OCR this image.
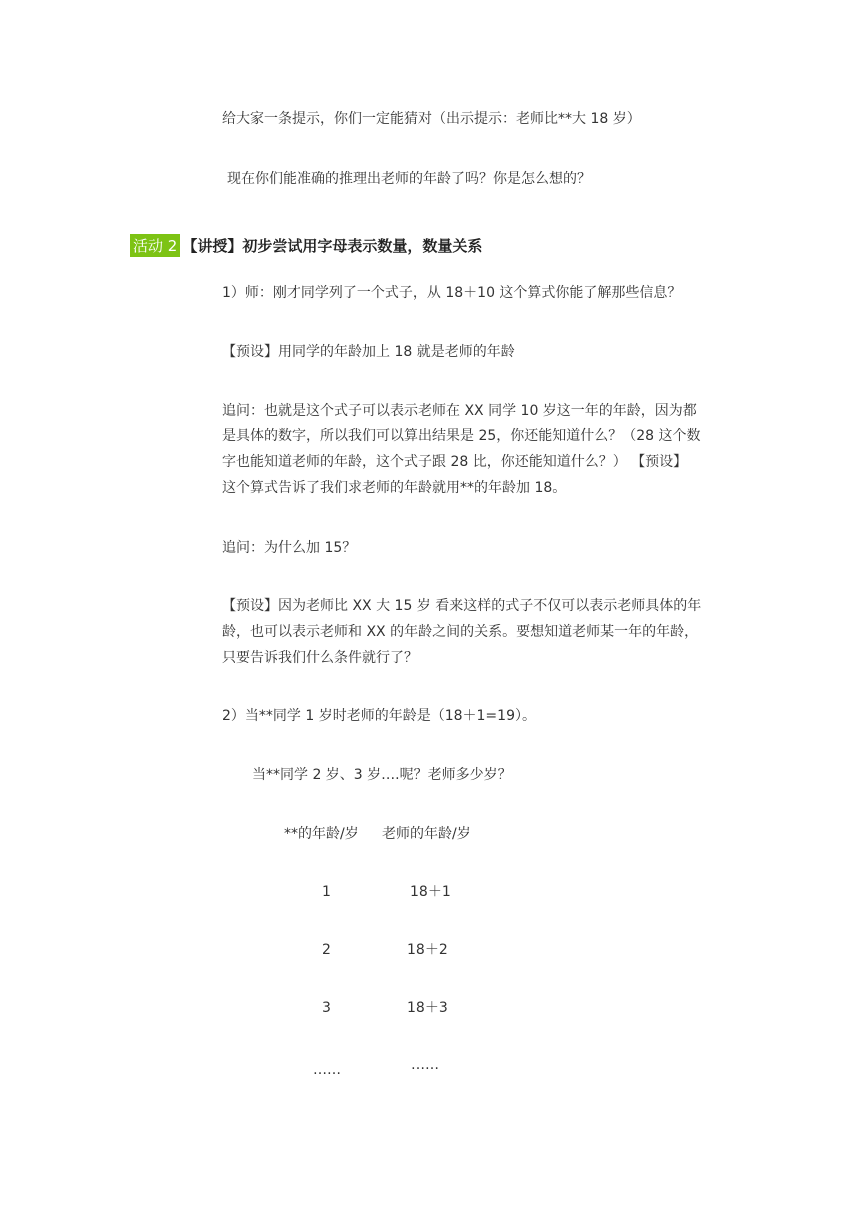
给大家一条提示，你们一定能猜对（出示提示：老师比**大 18 岁）
现在你们能准确的推理出老师的年龄了吗？你是怎么想的？
活动 2 【讲授】初步尝试用字母表示数量，数量关系
1）师：刚才同学列了一个式子，从 18＋10 这个算式你能了解那些信息？
【预设】用同学的年龄加上 18 就是老师的年龄
追问：也就是这个式子可以表示老师在 XX 同学 10 岁这一年的年龄，因为都
是具体的数字，所以我们可以算出结果是 25，你还能知道什么？（28 这个数
字也能知道老师的年龄，这个式子跟 28 比，你还能知道什么？） 【预设】
这个算式告诉了我们求老师的年龄就用**的年龄加 18。
追问：为什么加 15？
【预设】因为老师比 XX 大 15 岁 看来这样的式子不仅可以表示老师具体的年
龄，也可以表示老师和 XX 的年龄之间的关系。要想知道老师某一年的年龄，
只要告诉我们什么条件就行了？
2）当**同学 1 岁时老师的年龄是（18＋1=19）。
当**同学 2 岁、3 岁….呢？老师多少岁？
**的年龄/岁 老师的年龄/岁
1	18＋1
2	18＋2
3	18＋3
……	……
